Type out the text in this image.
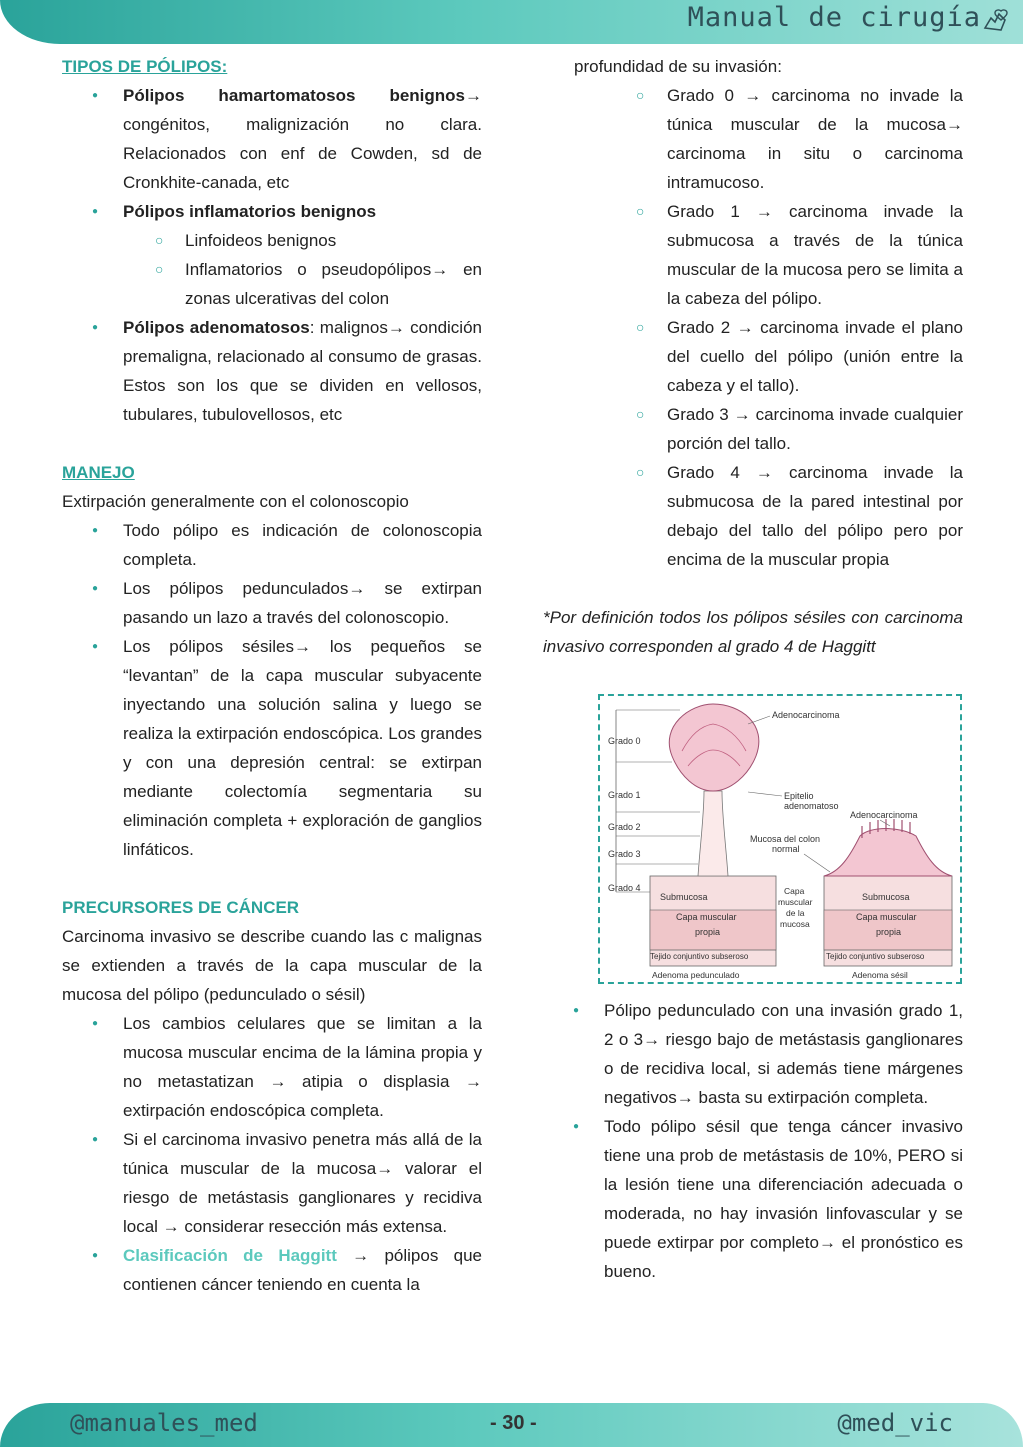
Manual de cirugía

TIPOS DE PÓLIPOS:

● Pólipos hamartomatosos benignos→ congénitos, malignización no clara. Relacionados con enf de Cowden, sd de Cronkhite-canada, etc
● Pólipos inflamatorios benignos
○ Linfoideos benignos
○ Inflamatorios o pseudopólipos→ en zonas ulcerativas del colon
● Pólipos adenomatosos: malignos→ condición premaligna, relacionado al consumo de grasas. Estos son los que se dividen en vellosos, tubulares, tubulovellosos, etc

MANEJO

Extirpación generalmente con el colonoscopio

● Todo pólipo es indicación de colonoscopia completa.
● Los pólipos pedunculados→ se extirpan pasando un lazo a través del colonoscopio.
● Los pólipos sésiles→ los pequeños se “levantan” de la capa muscular subyacente inyectando una solución salina y luego se realiza la extirpación endoscópica. Los grandes y con una depresión central: se extirpan mediante colectomía segmentaria su eliminación completa + exploración de ganglios linfáticos.

PRECURSORES DE CÁNCER

Carcinoma invasivo se describe cuando las c malignas se extienden a través de la capa muscular de la mucosa del pólipo (pedunculado o sésil)

● Los cambios celulares que se limitan a la mucosa muscular encima de la lámina propia y no metastatizan → atipia o displasia → extirpación endoscópica completa.
● Si el carcinoma invasivo penetra más allá de la túnica muscular de la mucosa→ valorar el riesgo de metástasis ganglionares y recidiva local → considerar resección más extensa.
● Clasificación de Haggitt → pólipos que contienen cáncer teniendo en cuenta la

profundidad de su invasión:

○ Grado 0 → carcinoma no invade la túnica muscular de la mucosa→ carcinoma in situ o carcinoma intramucoso.
○ Grado 1 → carcinoma invade la submucosa a través de la túnica muscular de la mucosa pero se limita a la cabeza del pólipo.
○ Grado 2 → carcinoma invade el plano del cuello del pólipo (unión entre la cabeza y el tallo).
○ Grado 3 → carcinoma invade cualquier porción del tallo.
○ Grado 4 → carcinoma invade la submucosa de la pared intestinal por debajo del tallo del pólipo pero por encima de la muscular propia

*Por definición todos los pólipos sésiles con carcinoma invasivo corresponden al grado 4 de Haggitt

Grado 0
Grado 1
Grado 2
Grado 3
Grado 4
Submucosa
Capa muscular
propia
Tejido conjuntivo subseroso
Adenoma pedunculado
Adenocarcinoma
Epitelio
adenomatoso
Adenocarcinoma
Mucosa del colon
normal
Capa
muscular
de la
mucosa
Submucosa
Capa muscular
propia
Tejido conjuntivo subseroso
Adenoma sésil
● Pólipo pedunculado con una invasión grado 1, 2 o 3→ riesgo bajo de metástasis ganglionares o de recidiva local, si además tiene márgenes negativos→ basta su extirpación completa.
● Todo pólipo sésil que tenga cáncer invasivo tiene una prob de metástasis de 10%, PERO si la lesión tiene una diferenciación adecuada o moderada, no hay invasión linfovascular y se puede extirpar por completo→ el pronóstico es bueno.
@manuales_med	- 30 -	@med_vic
